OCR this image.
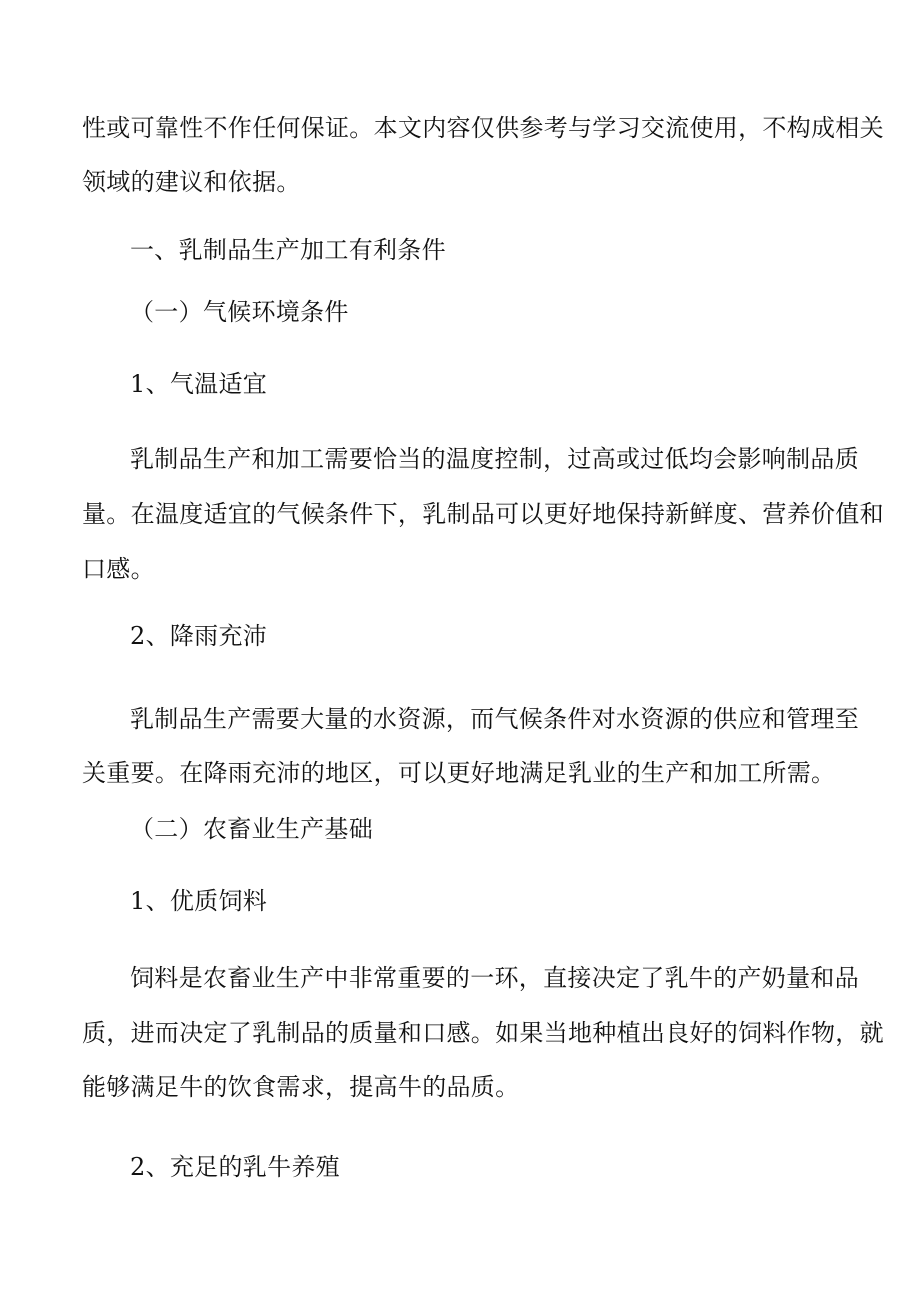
性或可靠性不作任何保证。本文内容仅供参考与学习交流使用，不构成相关
领域的建议和依据。
一、乳制品生产加工有利条件
（一）气候环境条件
1、气温适宜
乳制品生产和加工需要恰当的温度控制，过高或过低均会影响制品质
量。在温度适宜的气候条件下，乳制品可以更好地保持新鲜度、营养价值和
口感。
2、降雨充沛
乳制品生产需要大量的水资源，而气候条件对水资源的供应和管理至
关重要。在降雨充沛的地区，可以更好地满足乳业的生产和加工所需。
（二）农畜业生产基础
1、优质饲料
饲料是农畜业生产中非常重要的一环，直接决定了乳牛的产奶量和品
质，进而决定了乳制品的质量和口感。如果当地种植出良好的饲料作物，就
能够满足牛的饮食需求，提高牛的品质。
2、充足的乳牛养殖
